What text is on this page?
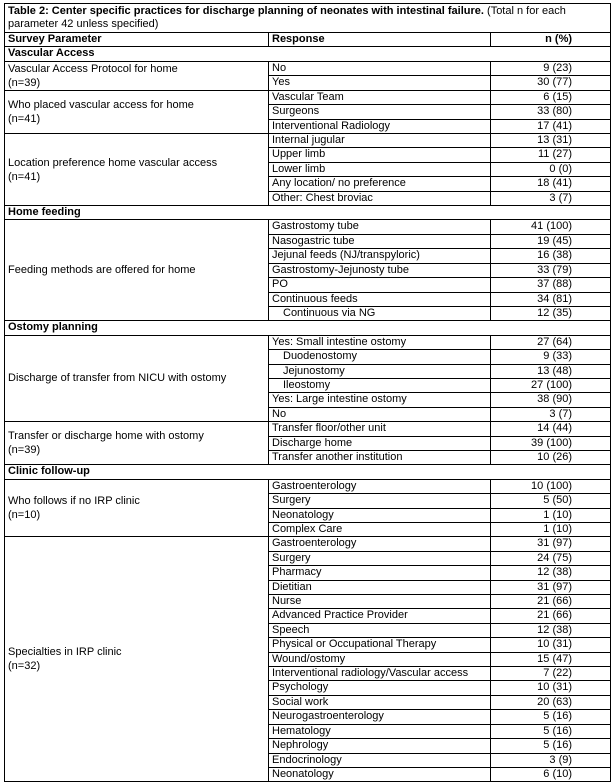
Table 2: Center specific practices for discharge planning of neonates with intestinal failure. (Total n for each parameter 42 unless specified)		
Survey Parameter	Response	n (%)
Vascular Access		

Vascular Access Protocol for home
(n=39)	No	9 (23)
	Yes	30 (77)

Who placed vascular access for home
(n=41)	Vascular Team	6 (15)
	Surgeons	33 (80)
	Interventional Radiology	17 (41)

Location preference home vascular access
(n=41)	Internal jugular	13 (31)
	Upper limb	11 (27)
	Lower limb	0 (0)
	Any location/ no preference	18 (41)
	Other: Chest broviac	3 (7)
Home feeding		

Feeding methods are offered for home	Gastrostomy tube	41 (100)
	Nasogastric tube	19 (45)
	Jejunal feeds (NJ/transpyloric)	16 (38)
	Gastrostomy-Jejunosty tube	33 (79)
	PO	37 (88)
	Continuous feeds	34 (81)
	Continuous via NG	12 (35)
Ostomy planning		

Discharge of transfer from NICU with ostomy	Yes: Small intestine ostomy	27 (64)
	Duodenostomy	9 (33)
	Jejunostomy	13 (48)
	Ileostomy	27 (100)
	Yes: Large intestine ostomy	38 (90)
	No	3 (7)

Transfer or discharge home with ostomy
(n=39)	Transfer floor/other unit	14 (44)
	Discharge home	39 (100)
	Transfer another institution	10 (26)
Clinic follow-up		

Who follows if no IRP clinic
(n=10)	Gastroenterology	10 (100)
	Surgery	5 (50)
	Neonatology	1 (10)
	Complex Care	1 (10)

Specialties in IRP clinic
(n=32)	Gastroenterology	31 (97)
	Surgery	24 (75)
	Pharmacy	12 (38)
	Dietitian	31 (97)
	Nurse	21 (66)
	Advanced Practice Provider	21 (66)
	Speech	12 (38)
	Physical or Occupational Therapy	10 (31)
	Wound/ostomy	15 (47)
	Interventional radiology/Vascular access	7 (22)
	Psychology	10 (31)
	Social work	20 (63)
	Neurogastroenterology	5 (16)
	Hematology	5 (16)
	Nephrology	5 (16)
	Endocrinology	3 (9)
	Neonatology	6 (10)
